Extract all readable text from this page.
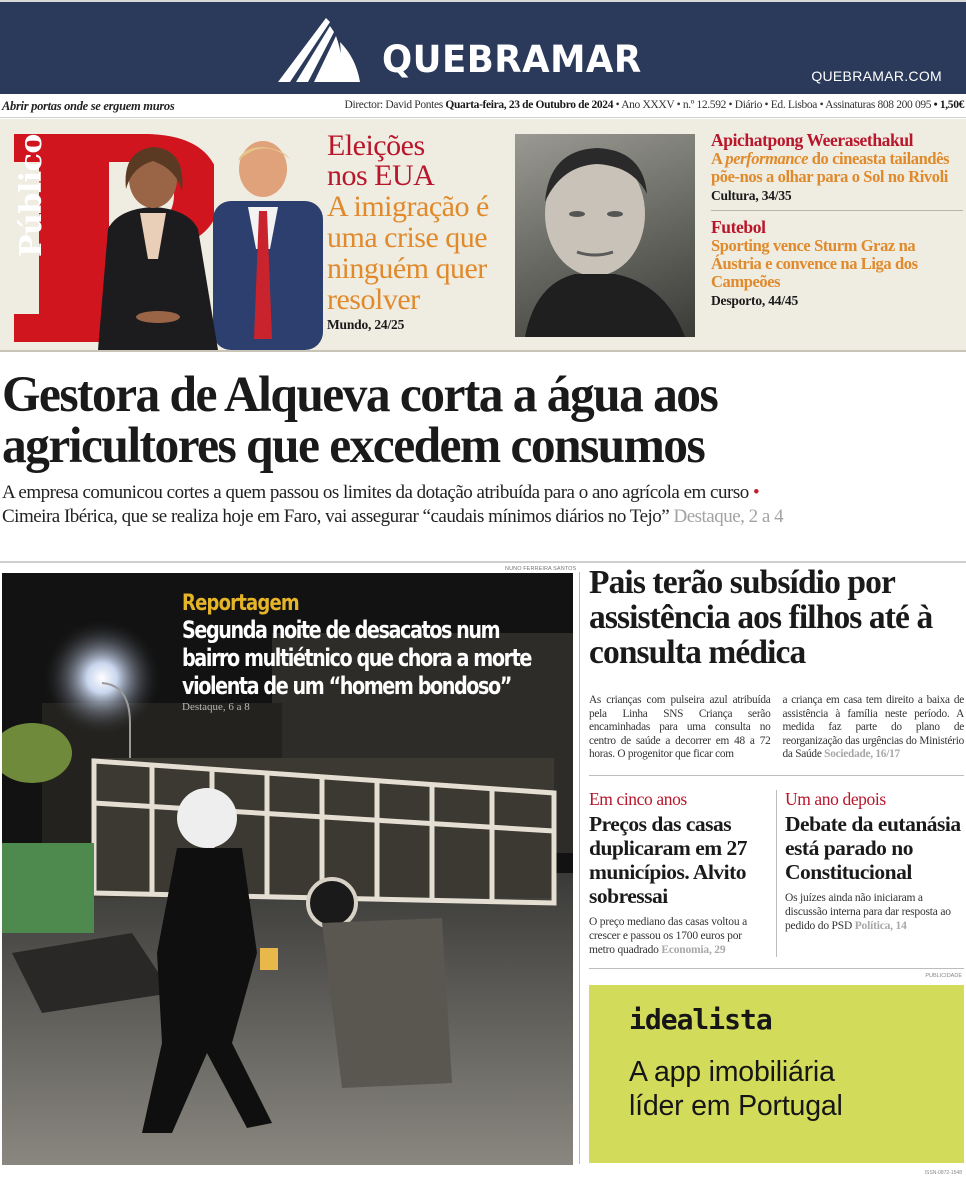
QUEBRAMAR	QUEBRAMAR.COM
Abrir portas onde se erguem muros	Director: David Pontes Quarta-feira, 23 de Outubro de 2024 • Ano XXXV • n.º 12.592 • Diário • Ed. Lisboa • Assinaturas 808 200 095 • 1,50€
Público	Eleições
nos EUA
A imigração é uma crise que ninguém quer resolver
Mundo, 24/25
Apichatpong Weerasethakul
A performance do cineasta tailandês põe-nos a olhar para o Sol no Rivoli
Cultura, 34/35
Futebol
Sporting vence Sturm Graz na Áustria e convence na Liga dos Campeões
Desporto, 44/45
Gestora de Alqueva corta a água aos
agricultores que excedem consumos
A empresa comunicou cortes a quem passou os limites da dotação atribuída para o ano agrícola em curso •
Cimeira Ibérica, que se realiza hoje em Faro, vai assegurar “caudais mínimos diários no Tejo” Destaque, 2 a 4
NUNO FERREIRA SANTOS
Reportagem
Segunda noite de desacatos num bairro multiétnico que chora a morte violenta de um “homem bondoso”
Destaque, 6 a 8
Pais terão subsídio por assistência aos filhos até à consulta médica

As crianças com pulseira azul atribuída pela Linha SNS Criança serão encaminhadas para uma consulta no centro de saúde a decorrer em 48 a 72 horas. O progenitor que ficar com

a criança em casa tem direito a baixa de assistência à família neste período. A medida faz parte do plano de reorganização das urgências do Ministério da Saúde Sociedade, 16/17

Em cinco anos
Preços das casas duplicaram em 27 municípios. Alvito sobressai
O preço mediano das casas voltou a crescer e passou os 1700 euros por metro quadrado Economia, 29
Um ano depois
Debate da eutanásia está parado no Constitucional
Os juízes ainda não iniciaram a discussão interna para dar resposta ao pedido do PSD Política, 14
PUBLICIDADE
idealista
A app imobiliária
líder em Portugal
ISSN-0872-1548
